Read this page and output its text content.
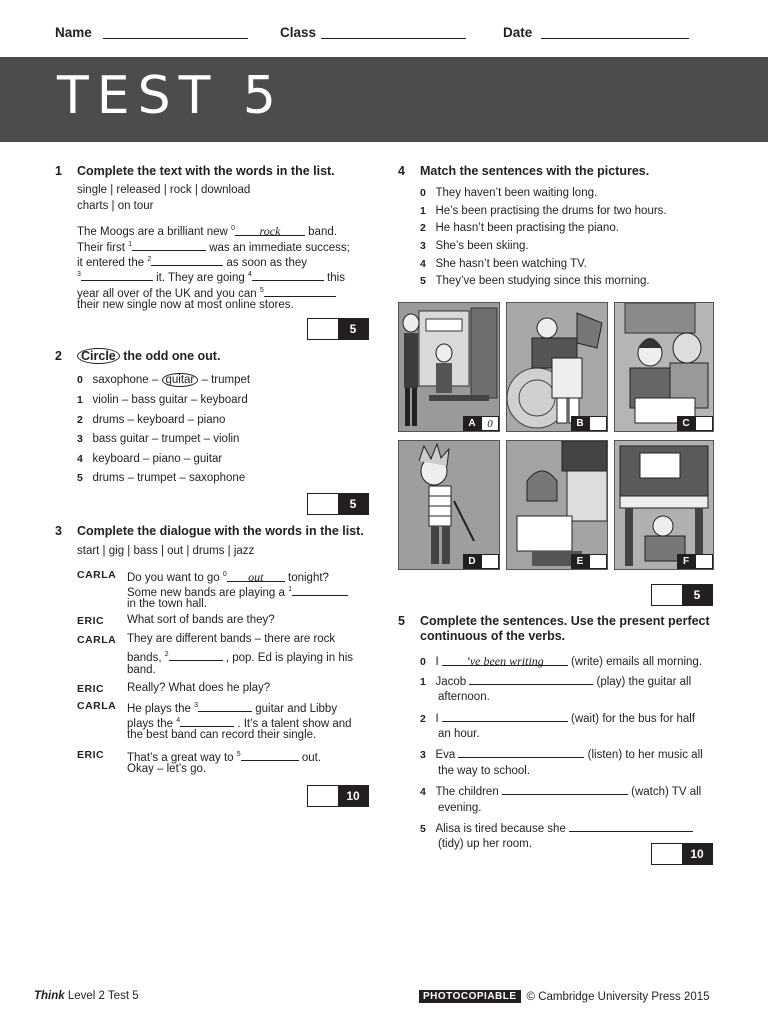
Name	Class	Date
TEST 5
1 Complete the text with the words in the list.
single | released | rock | download
charts | on tour
The Moogs are a brilliant new $^0$ rock band.
Their first $^1$	was an immediate success;
it entered the $^2$	as soon as they
$^3$	it. They are going $^4$	this
year all over of the UK and you can $^5$
their new single now at most online stores.
5
2	Circle the odd one out.
0 saxophone – guitar – trumpet
1 violin – bass guitar – keyboard
2 drums – keyboard – piano
3 bass guitar – trumpet – violin
4 keyboard – piano – guitar
5 drums – trumpet – saxophone
5
3 Complete the dialogue with the words in the list.
start | gig | bass | out | drums | jazz
CARLA Do you want to go $^0$ out tonight?
Some new bands are playing a $^1$
in the town hall.
ERIC What sort of bands are they?
CARLA They are different bands – there are rock
bands, $^2$	, pop. Ed is playing in his
band.
ERIC Really? What does he play?
CARLA He plays the $^3$	guitar and Libby
plays the $^4$	. It’s a talent show and
the best band can record their single.
ERIC That’s a great way to $^5$	out.
Okay – let’s go.
10
4 Match the sentences with the pictures.
0 They haven’t been waiting long.
1 He’s been practising the drums for two hours.
2 He hasn’t been practising the piano.
3 She’s been skiing.
4 She hasn’t been watching TV.
5 They’ve been studying since this morning.
A	0	B	C
D	E	F
5
5 Complete the sentences. Use the present perfect
continuous of the verbs.
0 I ’ve been writing (write) emails all morning.
1 Jacob	(play) the guitar all
afternoon.
2 I	(wait) for the bus for half
an hour.
3 Eva	(listen) to her music all
the way to school.
4 The children	(watch) TV all
evening.
5 Alisa is tired because she
(tidy) up her room.
10
Think Level 2 Test 5	PHOTOCOPIABLE © Cambridge University Press 2015
